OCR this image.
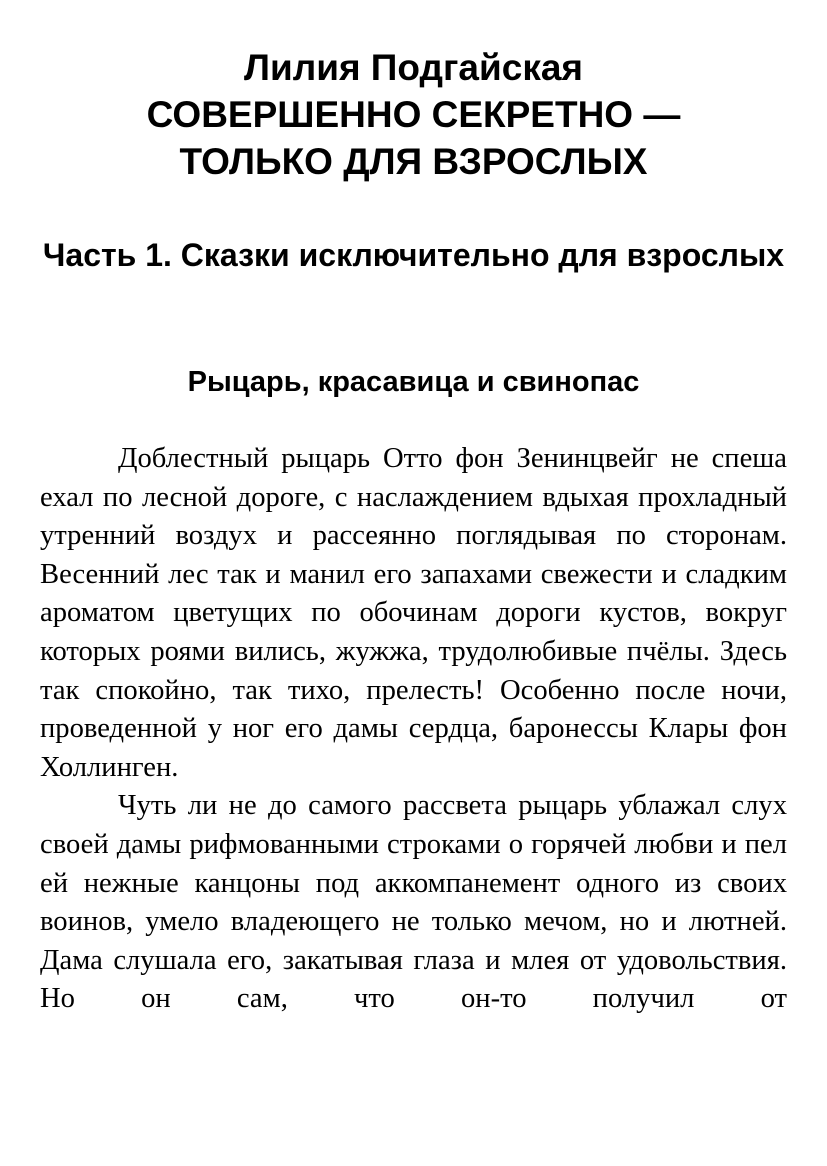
Лилия Подгайская
СОВЕРШЕННО СЕКРЕТНО —
ТОЛЬКО ДЛЯ ВЗРОСЛЫХ
Часть 1. Сказки исключительно для взрослых
Рыцарь, красавица и свинопас

Доблестный рыцарь Отто фон Зенинцвейг не спеша ехал по лесной дороге, с наслаждением вдыхая прохладный утренний воздух и рассеянно поглядывая по сторонам. Весенний лес так и манил его запахами свежести и сладким ароматом цветущих по обочинам дороги кустов, вокруг которых роями вились, жужжа, трудолюбивые пчёлы. Здесь так спокойно, так тихо, прелесть! Особенно после ночи, проведенной у ног его дамы сердца, баронессы Клары фон Холлинген.

Чуть ли не до самого рассвета рыцарь ублажал слух своей дамы рифмованными строками о горячей любви и пел ей нежные канцоны под аккомпанемент одного из своих воинов, умело владеющего не только мечом, но и лютней. Дама слушала его, закатывая глаза и млея от удовольствия. Но он сам, что он-то получил от
